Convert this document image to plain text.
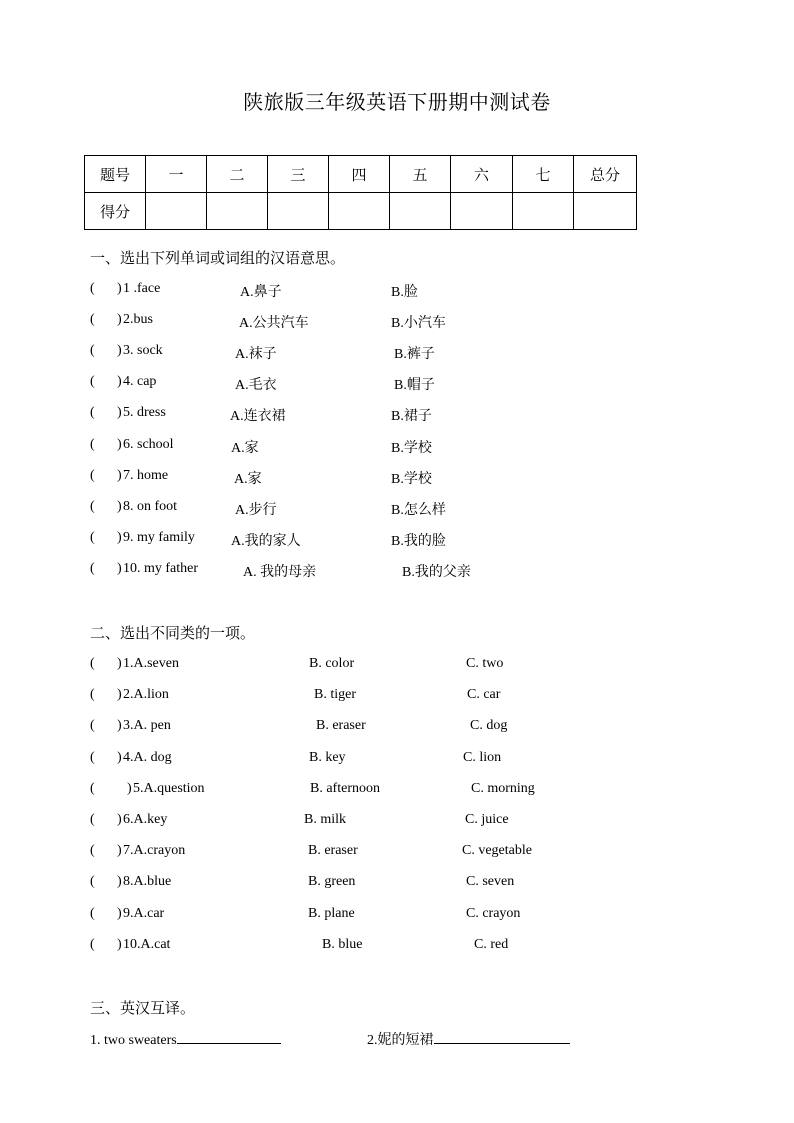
陕旅版三年级英语下册期中测试卷
题号	一	二	三	四	五	六	七	总分
得分								
一、选出下列单词或词组的汉语意思。
( ) 1 .face	A.鼻子	B.脸
( ) 2.bus	A.公共汽车	B.小汽车
( ) 3. sock	A.袜子	B.裤子
( ) 4. cap	A.毛衣	B.帽子
( ) 5. dress	A.连衣裙	B.裙子
( ) 6. school	A.家	B.学校
( ) 7. home	A.家	B.学校
( ) 8. on foot	A.步行	B.怎么样
( ) 9. my family	A.我的家人	B.我的脸
( ) 10. my father	A. 我的母亲	B.我的父亲
二、选出不同类的一项。
( ) 1.A.seven	B. color	C. two
( ) 2.A.lion	B. tiger	C. car
( ) 3.A. pen	B. eraser	C. dog
( ) 4.A. dog	B. key	C. lion
( ) 5.A.question	B. afternoon	C. morning
( ) 6.A.key	B. milk	C. juice
( ) 7.A.crayon	B. eraser	C. vegetable
( ) 8.A.blue	B. green	C. seven
( ) 9.A.car	B. plane	C. crayon
( ) 10.A.cat	B. blue	C. red
三、英汉互译。
1. two sweaters	2.妮的短裙
